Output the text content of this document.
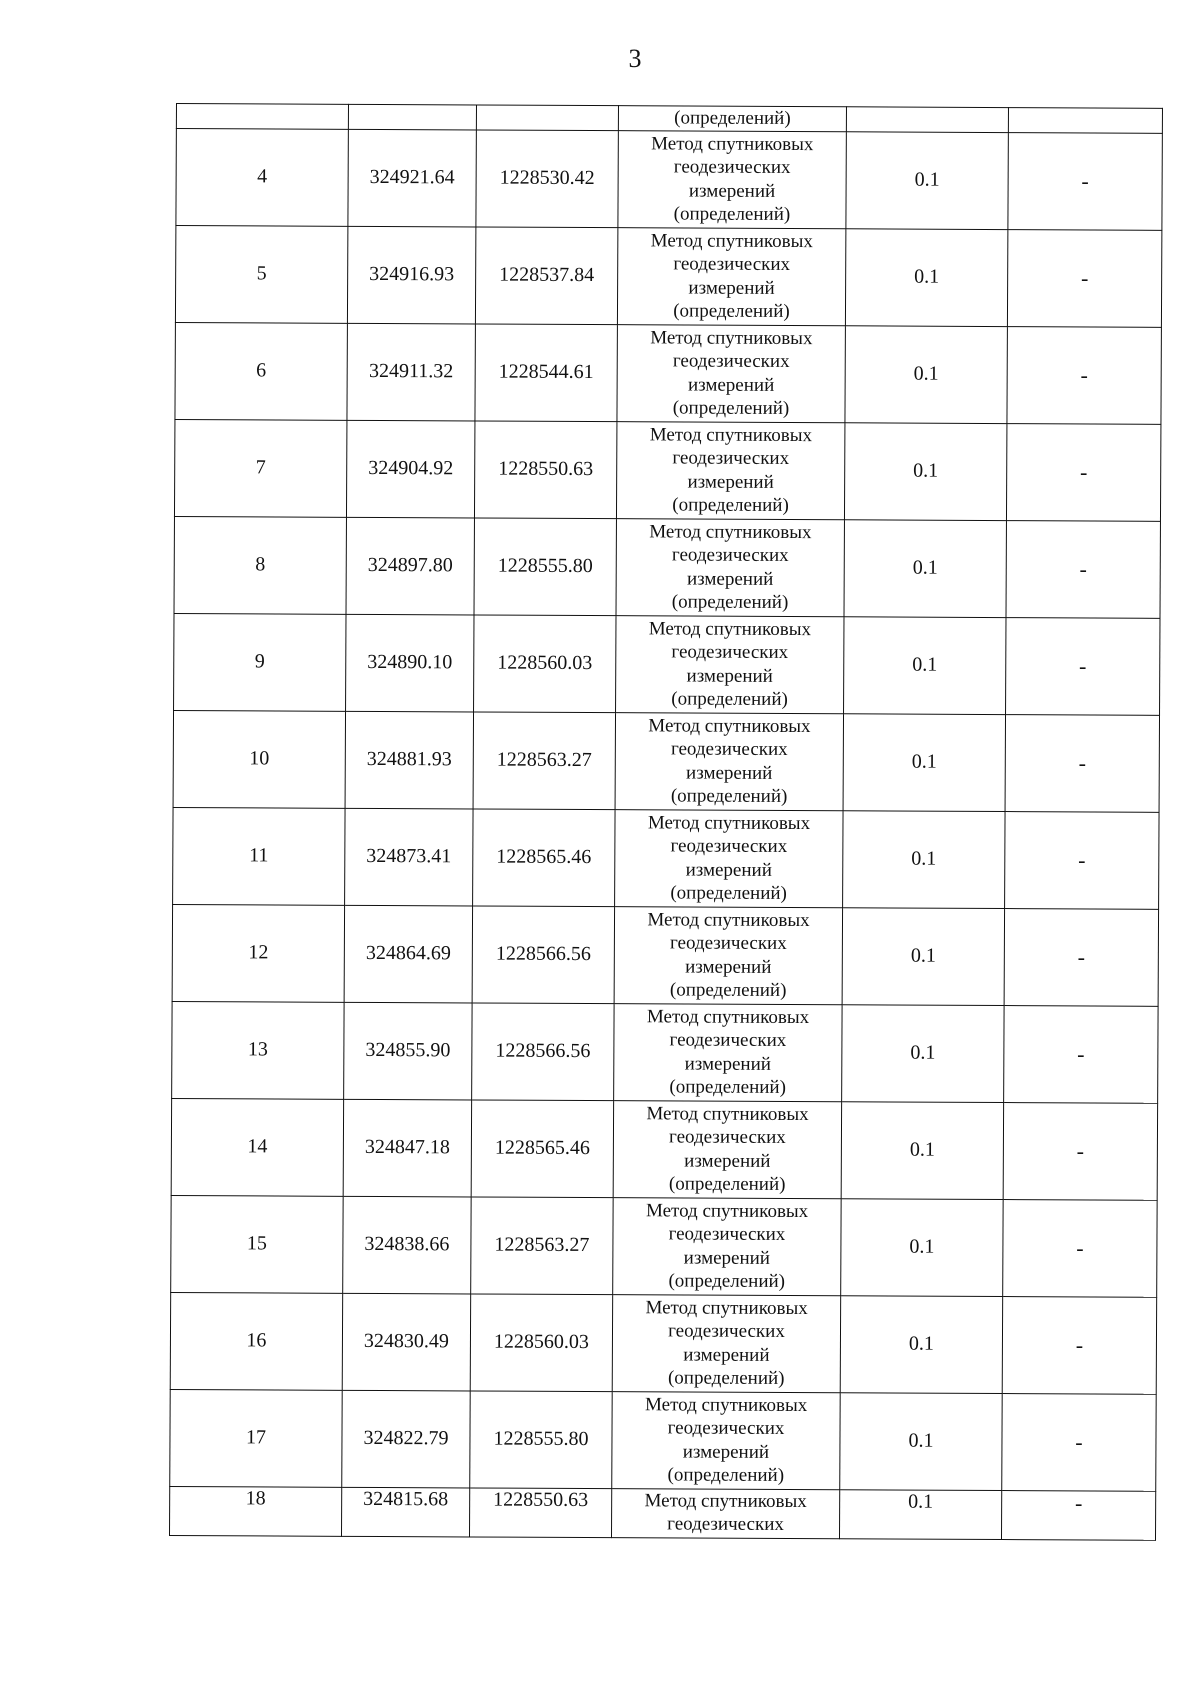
3
			(определений)		
4	324921.64	1228530.42	Метод спутниковых
геодезических
измерений
(определений)	0.1	-
5	324916.93	1228537.84	Метод спутниковых
геодезических
измерений
(определений)	0.1	-
6	324911.32	1228544.61	Метод спутниковых
геодезических
измерений
(определений)	0.1	-
7	324904.92	1228550.63	Метод спутниковых
геодезических
измерений
(определений)	0.1	-
8	324897.80	1228555.80	Метод спутниковых
геодезических
измерений
(определений)	0.1	-
9	324890.10	1228560.03	Метод спутниковых
геодезических
измерений
(определений)	0.1	-
10	324881.93	1228563.27	Метод спутниковых
геодезических
измерений
(определений)	0.1	-
11	324873.41	1228565.46	Метод спутниковых
геодезических
измерений
(определений)	0.1	-
12	324864.69	1228566.56	Метод спутниковых
геодезических
измерений
(определений)	0.1	-
13	324855.90	1228566.56	Метод спутниковых
геодезических
измерений
(определений)	0.1	-
14	324847.18	1228565.46	Метод спутниковых
геодезических
измерений
(определений)	0.1	-
15	324838.66	1228563.27	Метод спутниковых
геодезических
измерений
(определений)	0.1	-
16	324830.49	1228560.03	Метод спутниковых
геодезических
измерений
(определений)	0.1	-
17	324822.79	1228555.80	Метод спутниковых
геодезических
измерений
(определений)	0.1	-
18	324815.68	1228550.63	Метод спутниковых
геодезических	0.1	-
